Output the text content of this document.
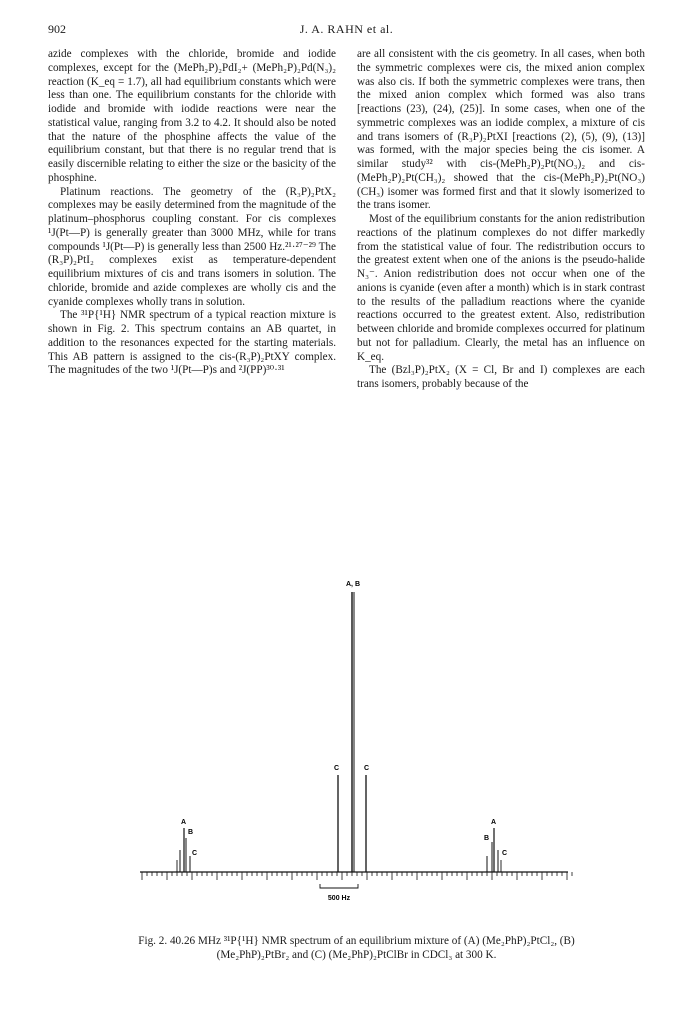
902	J. A. RAHN et al.

azide complexes with the chloride, bromide and iodide complexes, except for the (MePh₂P)₂PdI₂+ (MePh₂P)₂Pd(N₃)₂ reaction (K_eq = 1.7), all had equilibrium constants which were less than one. The equilibrium constants for the chloride with iodide and bromide with iodide reactions were near the statistical value, ranging from 3.2 to 4.2. It should also be noted that the nature of the phosphine affects the value of the equilibrium constant, but that there is no regular trend that is easily discernible relating to either the size or the basicity of the phosphine.

Platinum reactions. The geometry of the (R₃P)₂PtX₂ complexes may be easily determined from the magnitude of the platinum–phosphorus coupling constant. For cis complexes ¹J(Pt—P) is generally greater than 3000 MHz, while for trans compounds ¹J(Pt—P) is generally less than 2500 Hz.²¹·²⁷⁻²⁹ The (R₃P)₂PtI₂ complexes exist as temperature-dependent equilibrium mixtures of cis and trans isomers in solution. The chloride, bromide and azide complexes are wholly cis and the cyanide complexes wholly trans in solution.

The ³¹P{¹H} NMR spectrum of a typical reaction mixture is shown in Fig. 2. This spectrum contains an AB quartet, in addition to the resonances expected for the starting materials. This AB pattern is assigned to the cis-(R₃P)₂PtXY complex. The magnitudes of the two ¹J(Pt—P)s and ²J(PP)³⁰·³¹

are all consistent with the cis geometry. In all cases, when both the symmetric complexes were cis, the mixed anion complex was also cis. If both the symmetric complexes were trans, then the mixed anion complex which formed was also trans [reactions (23), (24), (25)]. In some cases, when one of the symmetric complexes was an iodide complex, a mixture of cis and trans isomers of (R₃P)₂PtXI [reactions (2), (5), (9), (13)] was formed, with the major species being the cis isomer. A similar study³² with cis-(MePh₂P)₂Pt(NO₃)₂ and cis-(MePh₂P)₂Pt(CH₃)₂ showed that the cis-(MePh₂P)₂Pt(NO₃)(CH₃) isomer was formed first and that it slowly isomerized to the trans isomer.

Most of the equilibrium constants for the anion redistribution reactions of the platinum complexes do not differ markedly from the statistical value of four. The redistribution occurs to the greatest extent when one of the anions is the pseudo-halide N₃⁻. Anion redistribution does not occur when one of the anions is cyanide (even after a month) which is in stark contrast to the results of the palladium reactions where the cyanide reactions occurred to the greatest extent. Also, redistribution between chloride and bromide complexes occurred for platinum but not for palladium. Clearly, the metal has an influence on K_eq.

The (Bzl₃P)₂PtX₂ (X = Cl, Br and I) complexes are each trans isomers, probably because of the

500 Hz
A, B
C	C
A
B
C
A
B
C
Fig. 2. 40.26 MHz ³¹P{¹H} NMR spectrum of an equilibrium mixture of (A) (Me₂PhP)₂PtCl₂, (B)
(Me₂PhP)₂PtBr₂ and (C) (Me₂PhP)₂PtClBr in CDCl₃ at 300 K.
